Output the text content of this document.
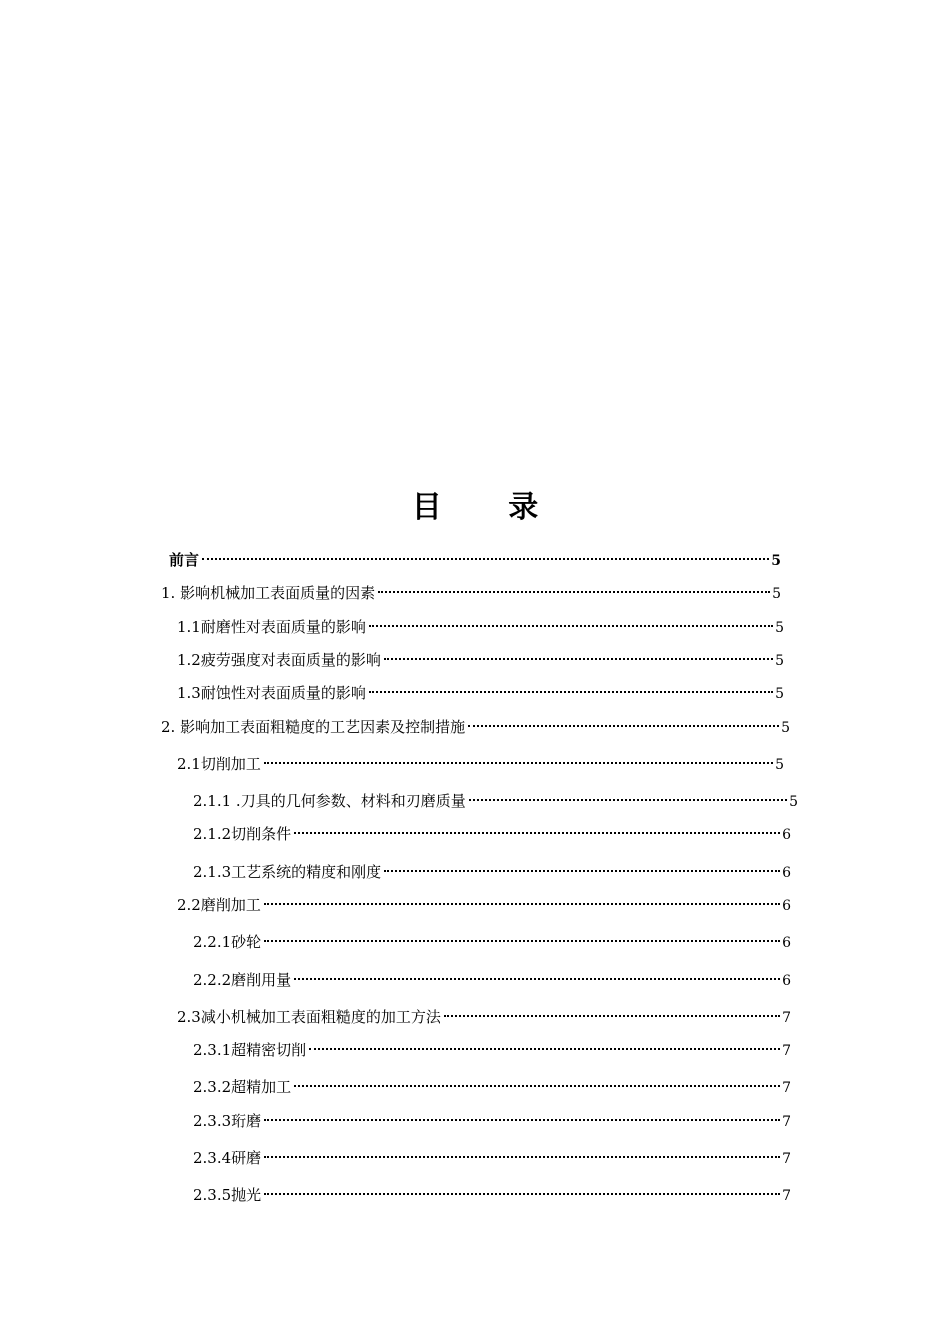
目 录
前言	5
1. 影响机械加工表面质量的因素	5
1.1耐磨性对表面质量的影响	5
1.2疲劳强度对表面质量的影响	5
1.3耐蚀性对表面质量的影响	5
2. 影响加工表面粗糙度的工艺因素及控制措施	5
2.1切削加工	5
2.1.1 .刀具的几何参数、材料和刃磨质量	5
2.1.2切削条件	6
2.1.3工艺系统的精度和刚度	6
2.2磨削加工	6
2.2.1砂轮	6
2.2.2磨削用量	6
2.3减小机械加工表面粗糙度的加工方法	7
2.3.1超精密切削	7
2.3.2超精加工	7
2.3.3珩磨	7
2.3.4研磨	7
2.3.5抛光	7
